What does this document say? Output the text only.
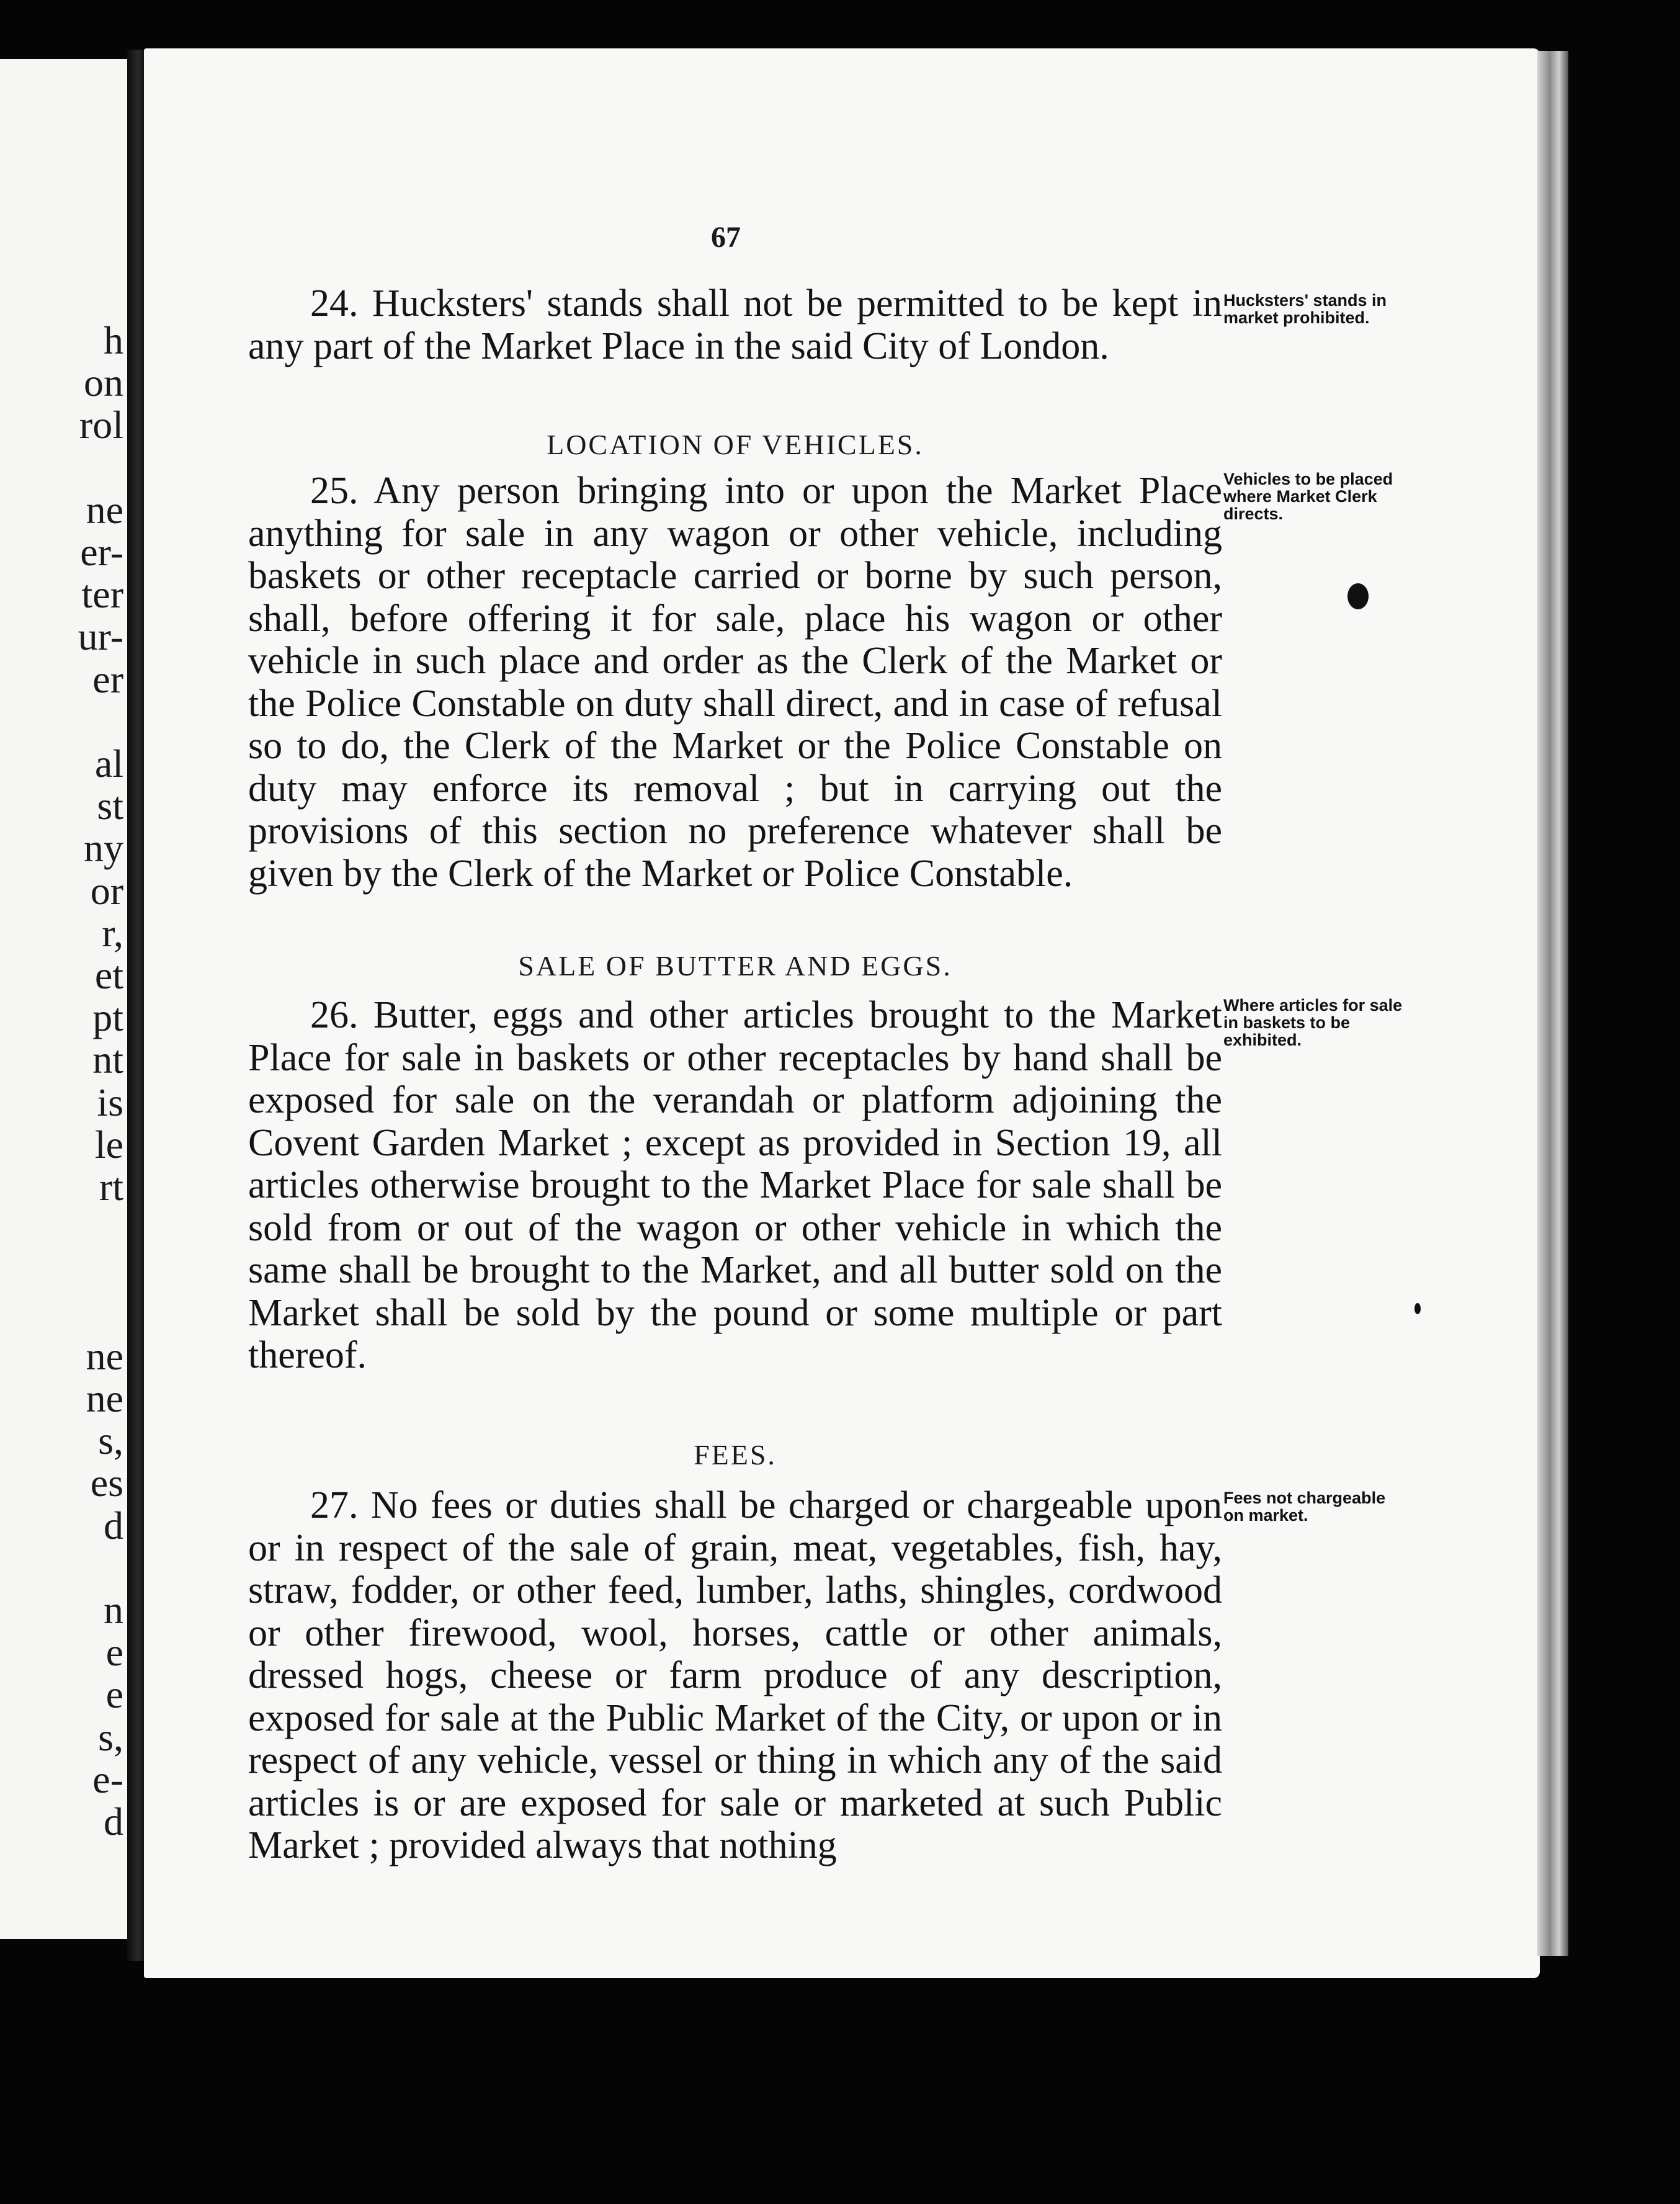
h
on
rol
ne
er-
ter
ur-
er
al
st
ny
or
r,
et
pt
nt
is
le
rt
ne
ne
s,
es
d
n
e
e
s,
e-
d
67

24. Hucksters' stands shall not be permitted to be kept in any part of the Market Place in the said City of London.

Hucksters' stands in market prohibited.
LOCATION OF VEHICLES.

25. Any person bringing into or upon the Market Place anything for sale in any wagon or other vehicle, including baskets or other receptacle carried or borne by such person, shall, before offering it for sale, place his wagon or other vehicle in such place and order as the Clerk of the Market or the Police Constable on duty shall direct, and in case of refusal so to do, the Clerk of the Market or the Police Constable on duty may enforce its removal ; but in carrying out the provisions of this section no preference whatever shall be given by the Clerk of the Market or Police Constable.

Vehicles to be placed where Market Clerk directs.
SALE OF BUTTER AND EGGS.

26. Butter, eggs and other articles brought to the Market Place for sale in baskets or other receptacles by hand shall be exposed for sale on the verandah or platform adjoining the Covent Garden Market ; except as provided in Section 19, all articles otherwise brought to the Market Place for sale shall be sold from or out of the wagon or other vehicle in which the same shall be brought to the Market, and all butter sold on the Market shall be sold by the pound or some multiple or part thereof.

Where articles for sale in baskets to be exhibited.
FEES.

27. No fees or duties shall be charged or chargeable upon or in respect of the sale of grain, meat, vegetables, fish, hay, straw, fodder, or other feed, lumber, laths, shingles, cordwood or other firewood, wool, horses, cattle or other animals, dressed hogs, cheese or farm produce of any description, exposed for sale at the Public Market of the City, or upon or in respect of any vehicle, vessel or thing in which any of the said articles is or are exposed for sale or marketed at such Public Market ; provided always that nothing

Fees not chargeable on market.
